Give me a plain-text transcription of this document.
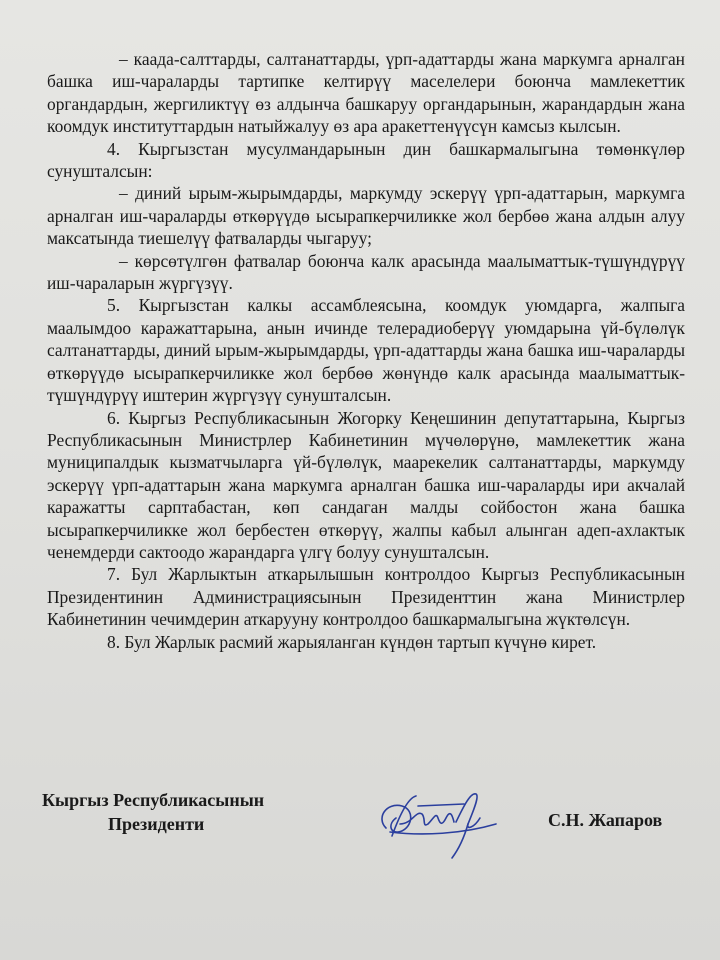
– каада-салттарды, салтанаттарды, үрп-адаттарды жана маркумга арналган башка иш-чараларды тартипке келтирүү маселелери боюнча мамлекеттик органдардын, жергиликтүү өз алдынча башкаруу органдарынын, жарандардын жана коомдук институттардын натыйжалуу өз ара аракеттенүүсүн камсыз кылсын.

4. Кыргызстан мусулмандарынын дин башкармалыгына төмөнкүлөр сунушталсын:

– диний ырым-жырымдарды, маркумду эскерүү үрп-адаттарын, маркумга арналган иш-чараларды өткөрүүдө ысырапкерчиликке жол бербөө жана алдын алуу максатында тиешелүү фатваларды чыгаруу;

– көрсөтүлгөн фатвалар боюнча калк арасында маалыматтык-түшүндүрүү иш-чараларын жүргүзүү.

5. Кыргызстан калкы ассамблеясына, коомдук уюмдарга, жалпыга маалымдоо каражаттарына, анын ичинде телерадиоберүү уюмдарына үй-бүлөлүк салтанаттарды, диний ырым-жырымдарды, үрп-адаттарды жана башка иш-чараларды өткөрүүдө ысырапкерчиликке жол бербөө жөнүндө калк арасында маалыматтык-түшүндүрүү иштерин жүргүзүү сунушталсын.

6. Кыргыз Республикасынын Жогорку Кеңешинин депутаттарына, Кыргыз Республикасынын Министрлер Кабинетинин мүчөлөрүнө, мамлекеттик жана муниципалдык кызматчыларга үй-бүлөлүк, маарекелик салтанаттарды, маркумду эскерүү үрп-адаттарын жана маркумга арналган башка иш-чараларды ири акчалай каражатты сарптабастан, көп сандаган малды сойбостон жана башка ысырапкерчиликке жол бербестен өткөрүү, жалпы кабыл алынган адеп-ахлактык ченемдерди сактоодо жарандарга үлгү болуу сунушталсын.

7. Бул Жарлыктын аткарылышын контролдоо Кыргыз Республикасынын Президентинин Администрациясынын Президенттин жана Министрлер Кабинетинин чечимдерин аткарууну контролдоо башкармалыгына жүктөлсүн.

8. Бул Жарлык расмий жарыяланган күндөн тартып күчүнө кирет.

Кыргыз Республикасынын
Президенти	С.Н. Жапаров
